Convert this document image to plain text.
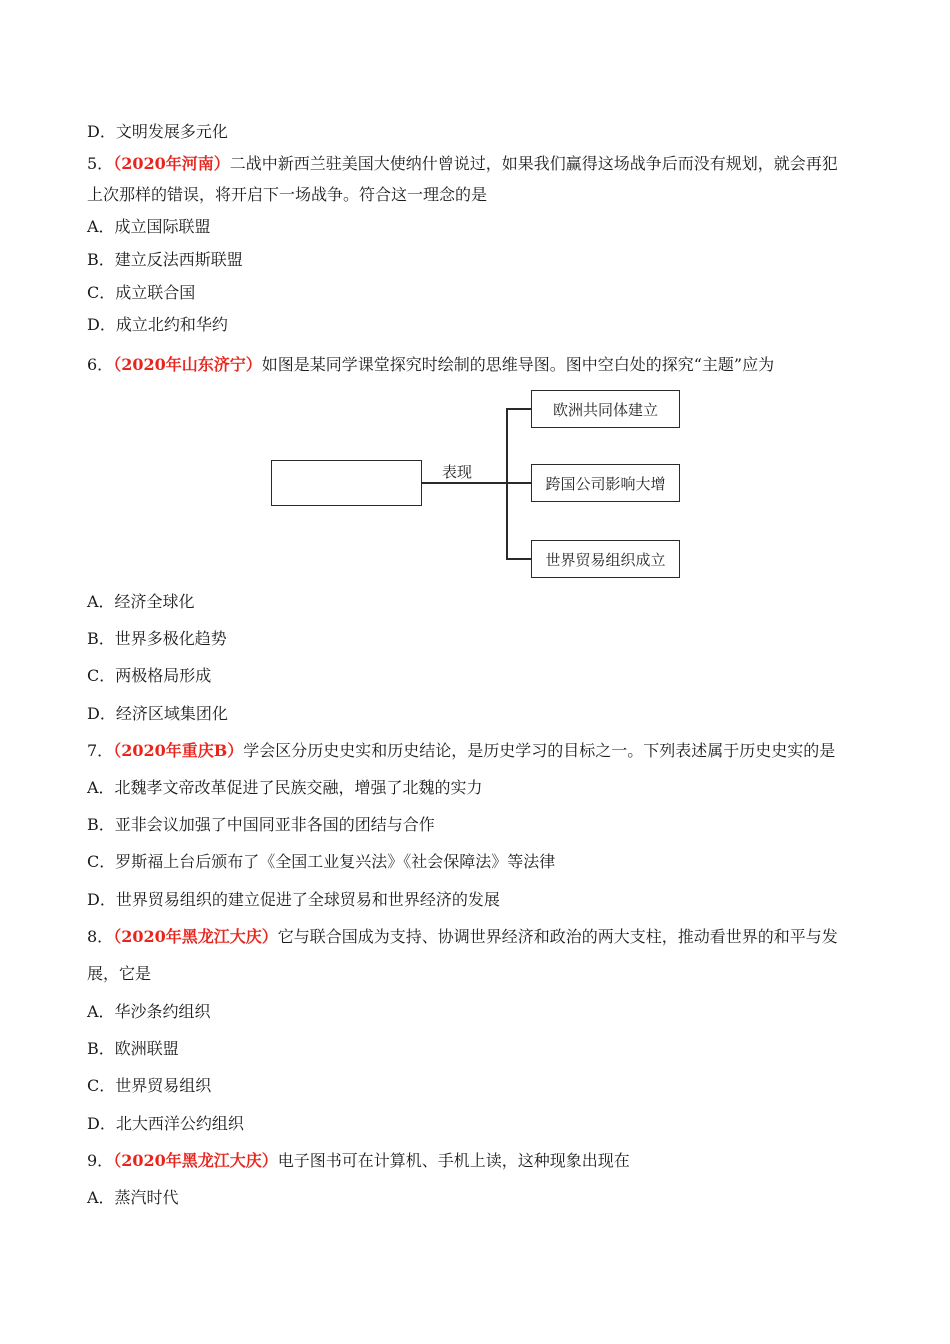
D．文明发展多元化
5．（2020年河南）二战中新西兰驻美国大使纳什曾说过，如果我们赢得这场战争后而没有规划，就会再犯
上次那样的错误，将开启下一场战争。符合这一理念的是
A．成立国际联盟
B．建立反法西斯联盟
C．成立联合国
D．成立北约和华约
6．（2020年山东济宁）如图是某同学课堂探究时绘制的思维导图。图中空白处的探究“主题”应为
表现
欧洲共同体建立
跨国公司影响大增
世界贸易组织成立
A．经济全球化
B．世界多极化趋势
C．两极格局形成
D．经济区域集团化
7．（2020年重庆B）学会区分历史史实和历史结论，是历史学习的目标之一。下列表述属于历史史实的是
A．北魏孝文帝改革促进了民族交融，增强了北魏的实力
B．亚非会议加强了中国同亚非各国的团结与合作
C．罗斯福上台后颁布了《全国工业复兴法》《社会保障法》等法律
D．世界贸易组织的建立促进了全球贸易和世界经济的发展
8．（2020年黑龙江大庆）它与联合国成为支持、协调世界经济和政治的两大支柱，推动看世界的和平与发
展，它是
A．华沙条约组织
B．欧洲联盟
C．世界贸易组织
D．北大西洋公约组织
9．（2020年黑龙江大庆）电子图书可在计算机、手机上读，这种现象出现在
A．蒸汽时代
